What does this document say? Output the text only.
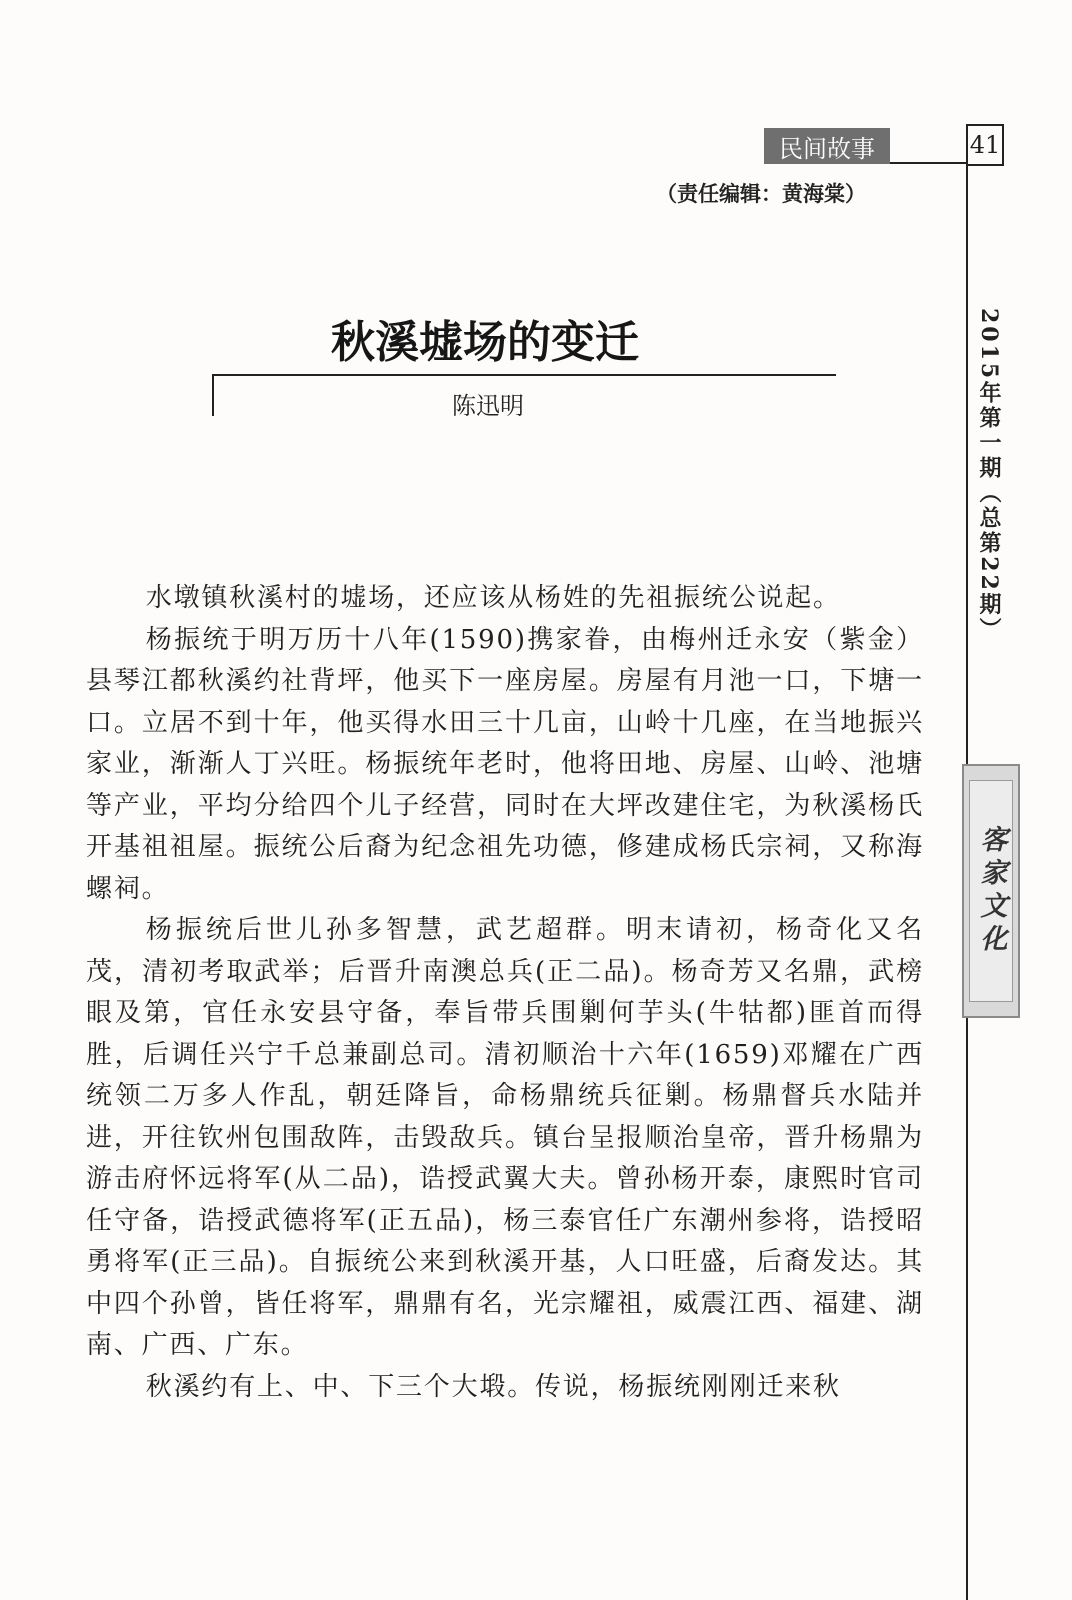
民间故事	41
（责任编辑：黄海棠）
2015年第一期（总第22期）
客家文化
秋溪墟场的变迁
陈迅明

水墩镇秋溪村的墟场，还应该从杨姓的先祖振统公说起。

杨振统于明万历十八年(1590)携家眷，由梅州迁永安（紫金）县琴江都秋溪约社背坪，他买下一座房屋。房屋有月池一口，下塘一口。立居不到十年，他买得水田三十几亩，山岭十几座，在当地振兴家业，渐渐人丁兴旺。杨振统年老时，他将田地、房屋、山岭、池塘等产业，平均分给四个儿子经营，同时在大坪改建住宅，为秋溪杨氏开基祖祖屋。振统公后裔为纪念祖先功德，修建成杨氏宗祠，又称海螺祠。

杨振统后世儿孙多智慧，武艺超群。明末请初，杨奇化又名茂，清初考取武举；后晋升南澳总兵(正二品)。杨奇芳又名鼎，武榜眼及第，官任永安县守备，奉旨带兵围剿何芋头(牛牯都)匪首而得胜，后调任兴宁千总兼副总司。清初顺治十六年(1659)邓耀在广西统领二万多人作乱，朝廷降旨，命杨鼎统兵征剿。杨鼎督兵水陆并进，开往钦州包围敌阵，击毁敌兵。镇台呈报顺治皇帝，晋升杨鼎为游击府怀远将军(从二品)，诰授武翼大夫。曾孙杨开泰，康熙时官司任守备，诰授武德将军(正五品)，杨三泰官任广东潮州参将，诰授昭勇将军(正三品)。自振统公来到秋溪开基，人口旺盛，后裔发达。其中四个孙曾，皆任将军，鼎鼎有名，光宗耀祖，威震江西、福建、湖南、广西、广东。

秋溪约有上、中、下三个大塅。传说，杨振统刚刚迁来秋
